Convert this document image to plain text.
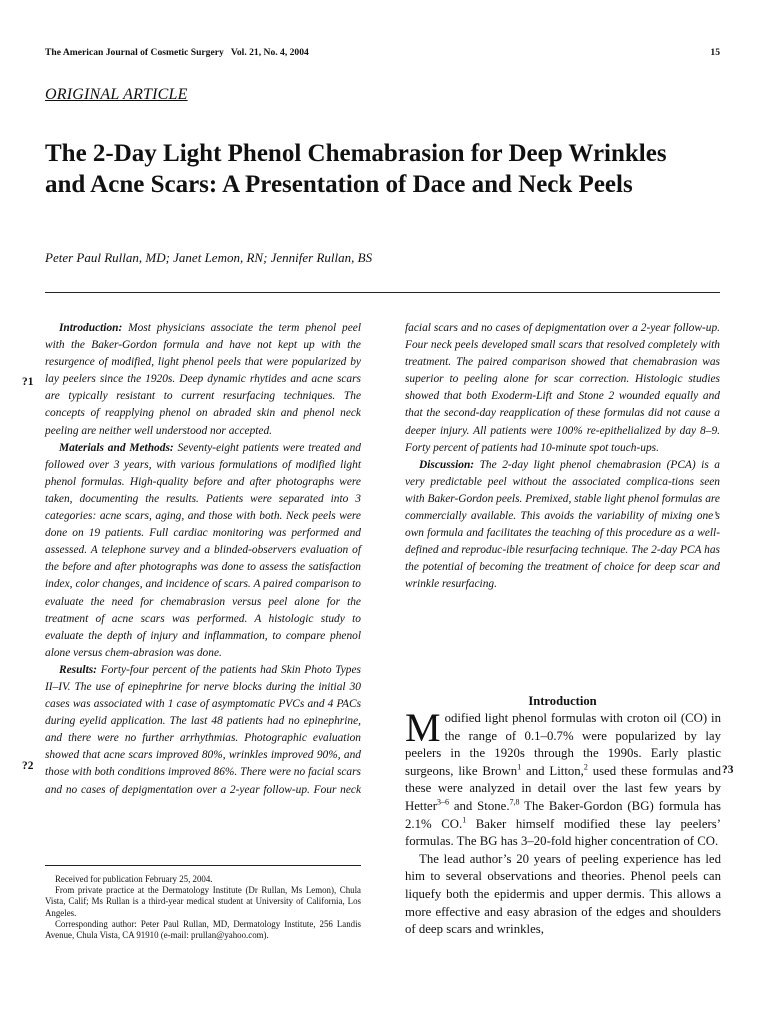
The American Journal of Cosmetic Surgery   Vol. 21, No. 4, 2004	15
ORIGINAL ARTICLE
The 2-Day Light Phenol Chemabrasion for Deep Wrinkles and Acne Scars: A Presentation of Dace and Neck Peels
Peter Paul Rullan, MD; Janet Lemon, RN; Jennifer Rullan, BS

Introduction: Most physicians associate the term phenol peel with the Baker-Gordon formula and have not kept up with the resurgence of modified, light phenol peels that were popularized by lay peelers since the 1920s. Deep dynamic rhytides and acne scars are typically resistant to current resurfacing techniques. The concepts of reapplying phenol on abraded skin and phenol neck peeling are neither well understood nor accepted.

Materials and Methods: Seventy-eight patients were treated and followed over 3 years, with various formulations of modified light phenol formulas. High-quality before and after photographs were taken, documenting the results. Patients were separated into 3 categories: acne scars, aging, and those with both. Neck peels were done on 19 patients. Full cardiac monitoring was performed and assessed. A telephone survey and a blinded-observers evaluation of the before and after photographs was done to assess the satisfaction index, color changes, and incidence of scars. A paired comparison to evaluate the need for chemabrasion versus peel alone for the treatment of acne scars was performed. A histologic study to evaluate the depth of injury and inflammation, to compare phenol alone versus chem-abrasion was done.

Results: Forty-four percent of the patients had Skin Photo Types II–IV. The use of epinephrine for nerve blocks during the initial 30 cases was associated with 1 case of asymptomatic PVCs and 4 PACs during eyelid application. The last 48 patients had no epinephrine, and there were no further arrhythmias. Photographic evaluation showed that acne scars improved 80%, wrinkles improved 90%, and those with both conditions improved 86%. There were no facial scars and no cases of depigmentation over a 2-year follow-up. Four neck

?1
?2	?3

facial scars and no cases of depigmentation over a 2-year follow-up. Four neck peels developed small scars that resolved completely with treatment. The paired comparison showed that chemabrasion was superior to peeling alone for scar correction. Histologic studies showed that both Exoderm-Lift and Stone 2 wounded equally and that the second-day reapplication of these formulas did not cause a deeper injury. All patients were 100% re-epithelialized by day 8–9. Forty percent of patients had 10-minute spot touch-ups.

Discussion: The 2-day light phenol chemabrasion (PCA) is a very predictable peel without the associated complica-tions seen with Baker-Gordon peels. Premixed, stable light phenol formulas are commercially available. This avoids the variability of mixing one’s own formula and facilitates the teaching of this procedure as a well-defined and reproduc-ible resurfacing technique. The 2-day PCA has the potential of becoming the treatment of choice for deep scar and wrinkle resurfacing.

Received for publication February 25, 2004.

From private practice at the Dermatology Institute (Dr Rullan, Ms Lemon), Chula Vista, Calif; Ms Rullan is a third-year medical student at University of California, Los Angeles.

Corresponding author: Peter Paul Rullan, MD, Dermatology Institute, 256 Landis Avenue, Chula Vista, CA 91910 (e-mail: prullan@yahoo.com).

Introduction

Modified light phenol formulas with croton oil (CO) in the range of 0.1–0.7% were popularized by lay peelers in the 1920s through the 1990s. Early plastic surgeons, like Brown$^1$ and Litton,$^2$ used these formulas and these were analyzed in detail over the last few years by Hetter$^{3-6}$ and Stone.$^{7,8}$ The Baker-Gordon (BG) formula has 2.1% CO.$^1$ Baker himself modified these lay peelers’ formulas. The BG has 3–20-fold higher concentration of CO.

The lead author’s 20 years of peeling experience has led him to several observations and theories. Phenol peels can liquefy both the epidermis and upper dermis. This allows a more effective and easy abrasion of the edges and shoulders of deep scars and wrinkles,
